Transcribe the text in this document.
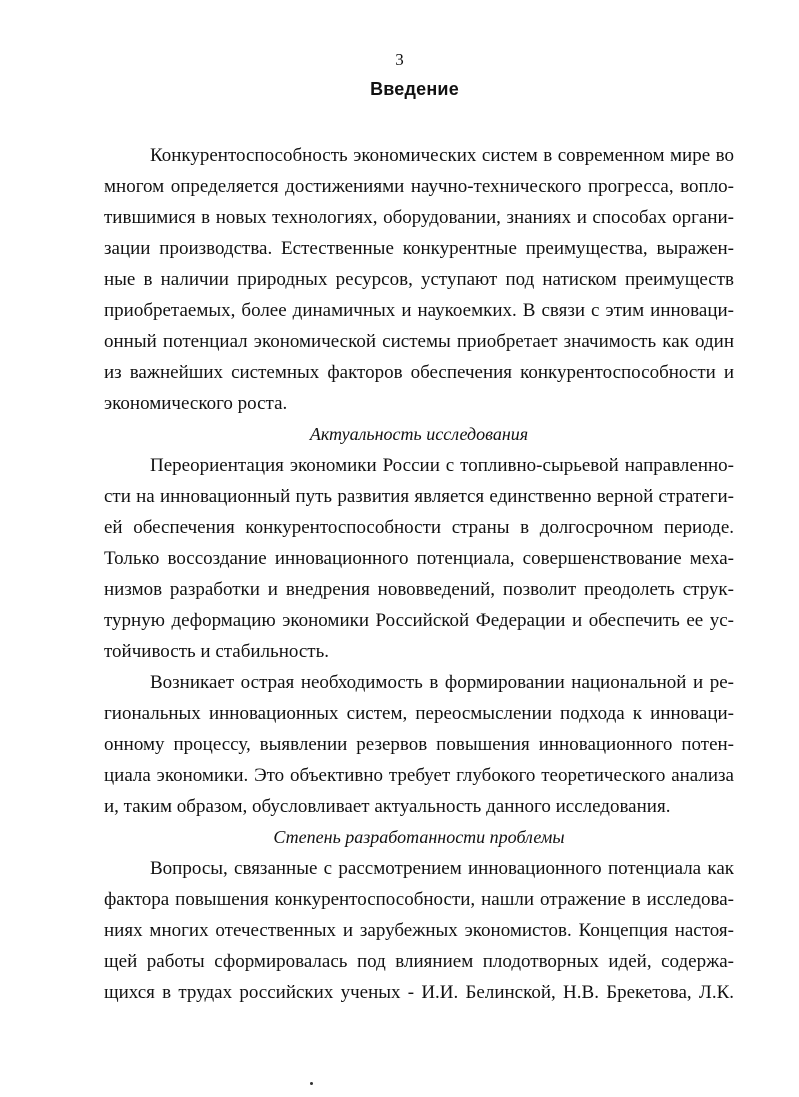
3
Введение
Конкурентоспособность экономических систем в современном мире во
многом определяется достижениями научно-технического прогресса, вопло-
тившимися в новых технологиях, оборудовании, знаниях и способах органи-
зации производства. Естественные конкурентные преимущества, выражен-
ные в наличии природных ресурсов, уступают под натиском преимуществ
приобретаемых, более динамичных и наукоемких. В связи с этим инноваци-
онный потенциал экономической системы приобретает значимость как один
из важнейших системных факторов обеспечения конкурентоспособности и
экономического роста.
Актуальность исследования
Переориентация экономики России с топливно-сырьевой направленно-
сти на инновационный путь развития является единственно верной стратеги-
ей обеспечения конкурентоспособности страны в долгосрочном периоде.
Только воссоздание инновационного потенциала, совершенствование меха-
низмов разработки и внедрения нововведений, позволит преодолеть струк-
турную деформацию экономики Российской Федерации и обеспечить ее ус-
тойчивость и стабильность.
Возникает острая необходимость в формировании национальной и ре-
гиональных инновационных систем, переосмыслении подхода к инноваци-
онному процессу, выявлении резервов повышения инновационного потен-
циала экономики. Это объективно требует глубокого теоретического анализа
и, таким образом, обусловливает актуальность данного исследования.
Степень разработанности проблемы
Вопросы, связанные с рассмотрением инновационного потенциала как
фактора повышения конкурентоспособности, нашли отражение в исследова-
ниях многих отечественных и зарубежных экономистов. Концепция настоя-
щей работы сформировалась под влиянием плодотворных идей, содержа-
щихся в трудах российских ученых - И.И. Белинской, Н.В. Брекетова, Л.К.
